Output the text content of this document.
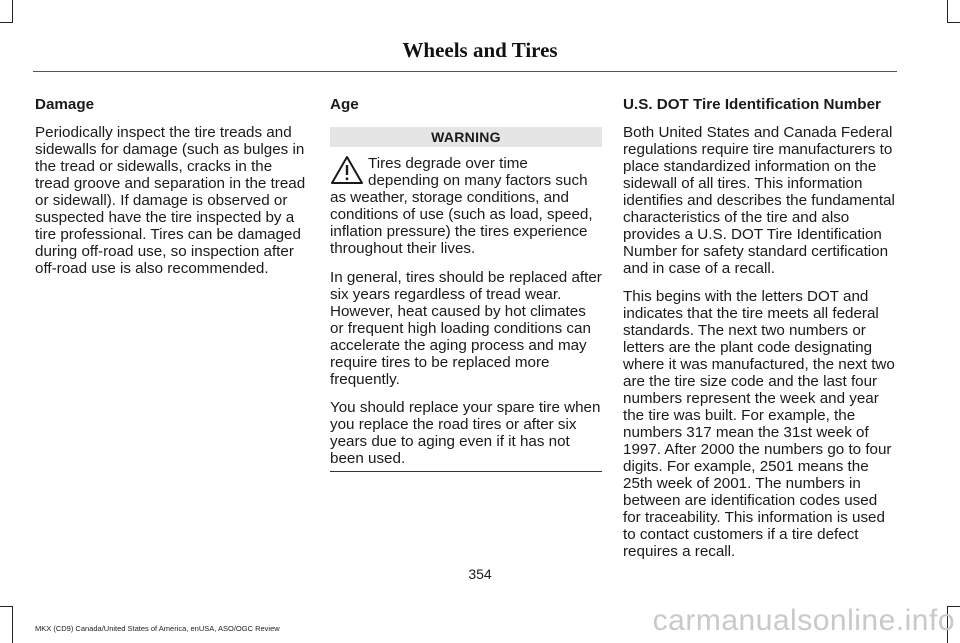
Wheels and Tires
Damage
Periodically inspect the tire treads and sidewalls for damage (such as bulges in the tread or sidewalls, cracks in the tread groove and separation in the tread or sidewall). If damage is observed or suspected have the tire inspected by a tire professional. Tires can be damaged during off-road use, so inspection after off-road use is also recommended.
Age
WARNING
Tires degrade over time depending on many factors such as weather, storage conditions, and conditions of use (such as load, speed, inflation pressure) the tires experience throughout their lives.
In general, tires should be replaced after six years regardless of tread wear. However, heat caused by hot climates or frequent high loading conditions can accelerate the aging process and may require tires to be replaced more frequently.
You should replace your spare tire when you replace the road tires or after six years due to aging even if it has not been used.
U.S. DOT Tire Identification Number
Both United States and Canada Federal regulations require tire manufacturers to place standardized information on the sidewall of all tires. This information identifies and describes the fundamental characteristics of the tire and also provides a U.S. DOT Tire Identification Number for safety standard certification and in case of a recall.
This begins with the letters DOT and indicates that the tire meets all federal standards. The next two numbers or letters are the plant code designating where it was manufactured, the next two are the tire size code and the last four numbers represent the week and year the tire was built. For example, the numbers 317 mean the 31st week of 1997. After 2000 the numbers go to four digits. For example, 2501 means the 25th week of 2001. The numbers in between are identification codes used for traceability. This information is used to contact customers if a tire defect requires a recall.
354
MKX (CD9) Canada/United States of America, enUSA, ASO/OGC Review	carmanualsonline.info
